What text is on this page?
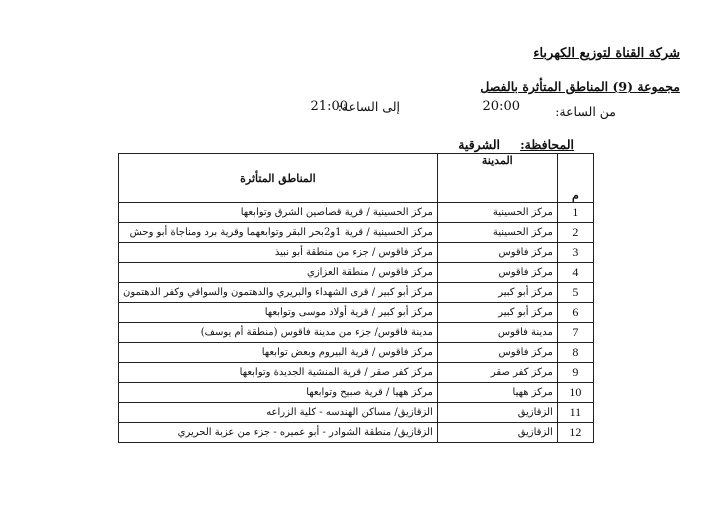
شركة القناة لتوزيع الكهرباء
مجموعة (9) المناطق المتأثرة بالفصل
من الساعة:
20:00
إلى الساعة:
21:00
المحافظة:
الشرقية
م	المدينة	المناطق المتأثرة
1	مركز الحسينية	مركز الحسينية / قرية قصاصين الشرق وتوابعها
2	مركز الحسينية	مركز الحسينية / قرية 1و2بحر البقر وتوابعهما وقرية برد ومناجاة أبو وحش
3	مركز فاقوس	مركز فاقوس / جزء من منطقة أبو نبيذ
4	مركز فاقوس	مركز فاقوس / منطقة العزازي
5	مركز أبو كبير	مركز أبو كبير / قرى الشهداء والبريري والدهتمون والسواقي وكفر الدهتمون
6	مركز أبو كبير	مركز أبو كبير / قرية أولاد موسى وتوابعها
7	مدينة فاقوس	مدينة فاقوس/ جزء من مدينة فاقوس (منطقة أم يوسف)
8	مركز فاقوس	مركز فاقوس / قرية البيروم وبعض توابعها
9	مركز كفر صقر	مركز كفر صقر / قرية المنشية الجديدة وتوابعها
10	مركز ههيا	مركز ههيا / قرية صبيح وتوابعها
11	الزقازيق	الزقازيق/ مساكن الهندسه - كلية الزراعه
12	الزقازيق	الزقازيق/ منطقة الشوادر - أبو عميره - جزء من عزبة الحريري
